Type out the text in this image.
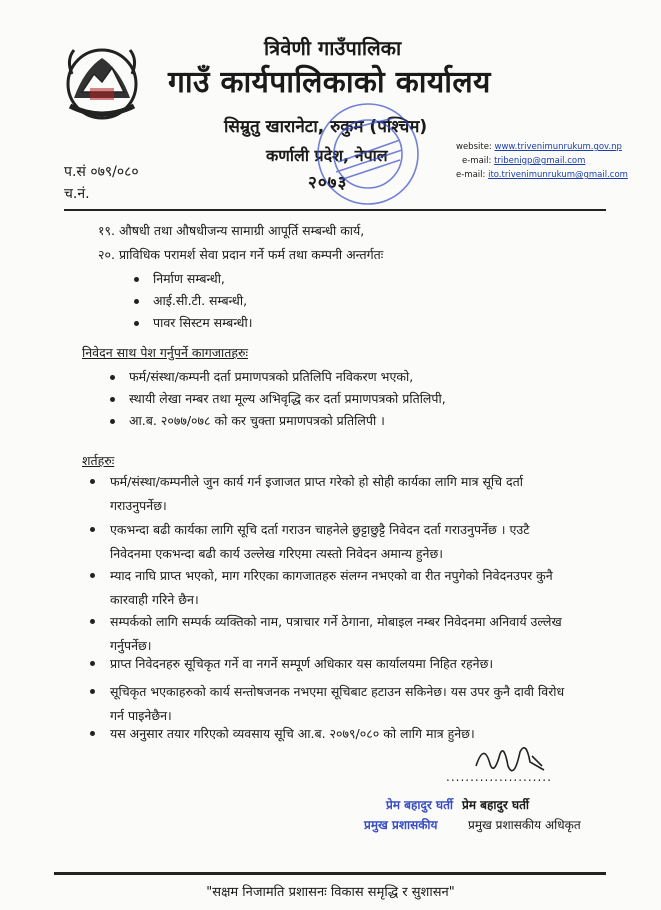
त्रिवेणी गाउँपालिका
गाउँ कार्यपालिकाको कार्यालय
सिम्रुतु खारानेटा, रुकुम (पश्चिम)
कर्णाली प्रदेश, नेपाल
२०७३
website: www.trivenimunrukum.gov.np
e-mail: tribenigp@gmail.com
e-mail: ito.trivenimunrukum@gmail.com
प.सं ०७९/०८०
च.नं.
१९. औषधी तथा औषधीजन्य सामाग्री आपूर्ति सम्बन्धी कार्य,
२०. प्राविधिक परामर्श सेवा प्रदान गर्ने फर्म तथा कम्पनी अन्तर्गतः
निर्माण सम्बन्धी,
आई.सी.टी. सम्बन्धी,
पावर सिस्टम सम्बन्धी।
निवेदन साथ पेश गर्नुपर्ने कागजातहरुः
फर्म/संस्था/कम्पनी दर्ता प्रमाणपत्रको प्रतिलिपि नविकरण भएको,
स्थायी लेखा नम्बर तथा मूल्य अभिवृद्धि कर दर्ता प्रमाणपत्रको प्रतिलिपी,
आ.ब. २०७७/०७८ को कर चुक्ता प्रमाणपत्रको प्रतिलिपी ।
शर्तहरुः
फर्म/संस्था/कम्पनीले जुन कार्य गर्न इजाजत प्राप्त गरेको हो सोही कार्यका लागि मात्र सूचि दर्ता गराउनुपर्नेछ।
एकभन्दा बढी कार्यका लागि सूचि दर्ता गराउन चाहनेले छुट्टाछुट्टै निवेदन दर्ता गराउनुपर्नेछ । एउटै निवेदनमा एकभन्दा बढी कार्य उल्लेख गरिएमा त्यस्तो निवेदन अमान्य हुनेछ।
म्याद नाघि प्राप्त भएको, माग गरिएका कागजातहरु संलग्न नभएको वा रीत नपुगेको निवेदनउपर कुनै कारवाही गरिने छैन।
सम्पर्कको लागि सम्पर्क व्यक्तिको नाम, पत्राचार गर्ने ठेगाना, मोबाइल नम्बर निवेदनमा अनिवार्य उल्लेख गर्नुपर्नेछ।
प्राप्त निवेदनहरु सूचिकृत गर्ने वा नगर्ने सम्पूर्ण अधिकार यस कार्यालयमा निहित रहनेछ।
सूचिकृत भएकाहरुको कार्य सन्तोषजनक नभएमा सूचिबाट हटाउन सकिनेछ। यस उपर कुनै दावी विरोध गर्न पाइनेछैन।
यस अनुसार तयार गरिएको व्यवसाय सूचि आ.ब. २०७९/०८० को लागि मात्र हुनेछ।
......................
प्रेम बहादुर घर्ती प्रेम बहादुर घर्ती
प्रमुख प्रशासकीय	प्रमुख प्रशासकीय अधिकृत
"सक्षम निजामति प्रशासनः विकास समृद्धि र सुशासन"
